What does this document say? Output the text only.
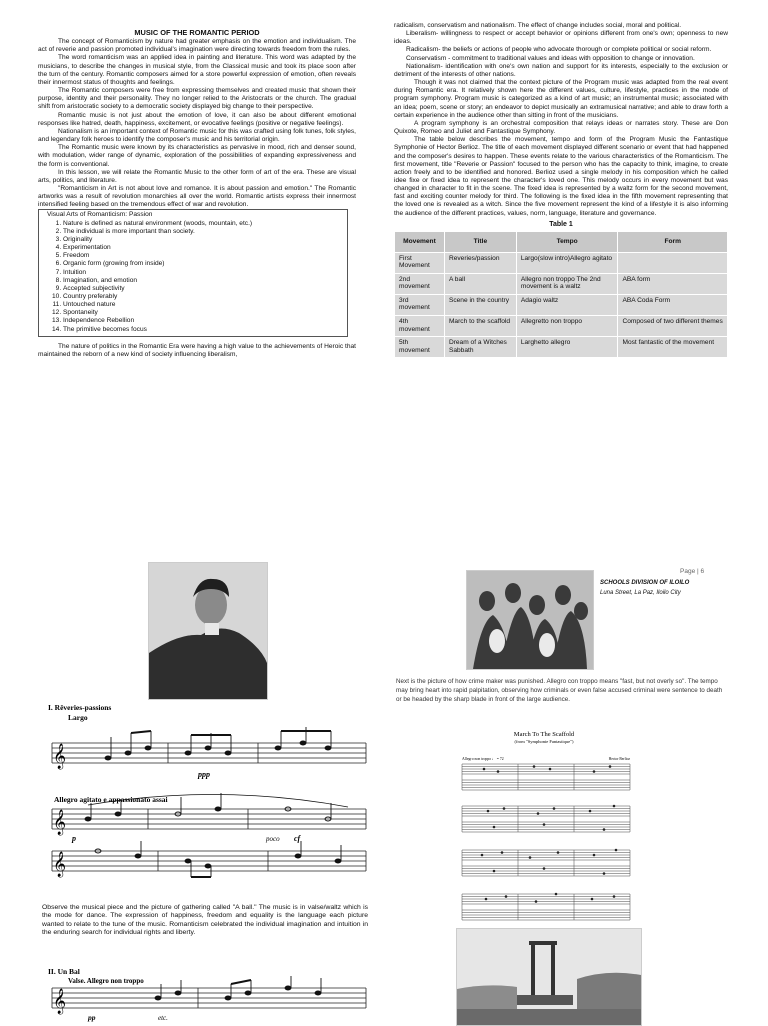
MUSIC OF THE ROMANTIC PERIOD

The concept of Romanticism by nature had greater emphasis on the emotion and individualism. The act of reverie and passion promoted individual's imagination were directing towards freedom from the rules.

The word romanticism was an applied idea in painting and literature. This word was adapted by the musicians, to describe the changes in musical style, from the Classical music and took its place soon after the turn of the century. Romantic composers aimed for a store powerful expression of emotion, often reveals their innermost status of thoughts and feelings.

The Romantic composers were free from expressing themselves and created music that shown their purpose, identity and their personality. They no longer relied to the Aristocrats or the church. The gradual shift from aristocratic society to a democratic society displayed big change to their perspective.

Romantic music is not just about the emotion of love, it can also be about different emotional responses like hatred, death, happiness, excitement, or evocative feelings (positive or negative feelings).

Nationalism is an important context of Romantic music for this was crafted using folk tunes, folk styles, and legendary folk heroes to identify the composer's music and his territorial origin.

The Romantic music were known by its characteristics as pervasive in mood, rich and denser sound, with modulation, wider range of dynamic, exploration of the possibilities of expanding expressiveness and the form is conventional.

In this lesson, we will relate the Romantic Music to the other form of art of the era. These are visual arts, politics, and literature.

"Romanticism in Art is not about love and romance. It is about passion and emotion." The Romantic artworks was a result of revolution monarchies all over the world. Romantic artists express their innermost intensified feeling based on the tremendous effect of war and revolution.

Visual Arts of Romanticism: Passion
1. Nature is defined as natural environment (woods, mountain, etc.)
2. The individual is more important than society.
3. Originality
4. Experimentation
5. Freedom
6. Organic form (growing from inside)
7. Intuition
8. Imagination, and emotion
9. Accepted subjectivity
10. Country preferably
11. Untouched nature
12. Spontaneity
13. Independence Rebellion
14. The primitive becomes focus

The nature of politics in the Romantic Era were having a high value to the achievements of Heroic that maintained the reborn of a new kind of society influencing liberalism,

radicalism, conservatism and nationalism. The effect of change includes social, moral and political.

Liberalism- willingness to respect or accept behavior or opinions different from one's own; openness to new ideas.

Radicalism- the beliefs or actions of people who advocate thorough or complete political or social reform.

Conservatism - commitment to traditional values and ideas with opposition to change or innovation.

Nationalism- identification with one's own nation and support for its interests, especially to the exclusion or detriment of the interests of other nations.

Though it was not claimed that the context picture of the Program music was adapted from the real event during Romantic era. It relatively shown here the different values, culture, lifestyle, practices in the mode of program symphony. Program music is categorized as a kind of art music; an instrumental music; associated with an idea; poem, scene or story; an endeavor to depict musically an extramusical narrative; and able to draw forth a certain experience in the audience other than sitting in front of the musicians.

A program symphony is an orchestral composition that relays ideas or narrates story. These are Don Quixote, Romeo and Juliet and Fantastique Symphony.

The table below describes the movement, tempo and form of the Program Music the Fantastique Symphonie of Hector Berlioz. The title of each movement displayed different scenario or event that had happened and the composer's desires to happen. These events relate to the various characteristics of the Romanticism. The first movement, title "Reverie or Passion" focused to the person who has the capacity to think, imagine, to create action freely and to be identified and honored. Berlioz used a single melody in his composition which he called idee fixe or fixed idea to represent the character's loved one. This melody occurs in every movement but was changed in character to fit in the scene. The fixed idea is represented by a waltz form for the second movement, fast and exciting counter melody for third. The following is the fixed idea in the fifth movement representing that the loved one is revealed as a witch. Since the five movement represent the kind of a lifestyle it is also informing the audience of the different practices, values, norm, language, literature and governance.

Table 1
Movement	Title	Tempo	Form
First Movement	Reveries/passion	Largo(slow intro)Allegro agitato	
2nd movement	A ball	Allegro non troppo The 2nd movement is a waltz	ABA form
3rd movement	Scene in the country	Adagio waltz	ABA Coda Form
4th movement	March to the scaffold	Allegretto non troppo	Composed of two different themes
5th movement	Dream of a Witches Sabbath	Larghetto allegro	Most fantastic of the movement
I. Rêveries-passions
Largo
𝄞
ppp
Allegro agitato e appassionato assai
𝄞
p	poco cf
𝄞
Observe the musical piece and the picture of gathering called "A ball." The music is in valse/waltz which is the mode for dance. The expression of happiness, freedom and equality is the language each picture wanted to relate to the tune of the music. Romanticism celebrated the individual imagination and intuition in the enduring search for individual rights and liberty.
II. Un Bal
Valse. Allegro non troppo
𝄞
pp	etc.
Page | 6
SCHOOLS DIVISION OF ILOILO
Luna Street, La Paz, Iloilo City
Next is the picture of how crime maker was punished. Allegro con troppo means "fast, but not overly so". The tempo may bring heart into rapid palpitation, observing how criminals or even false accused criminal were sentence to death or be headed by the sharp blade in front of the large audience.
March To The Scaffold
(from "Symphonie Fantastique")
Allegro non troppo ♩ = 72	Hector Berlioz
